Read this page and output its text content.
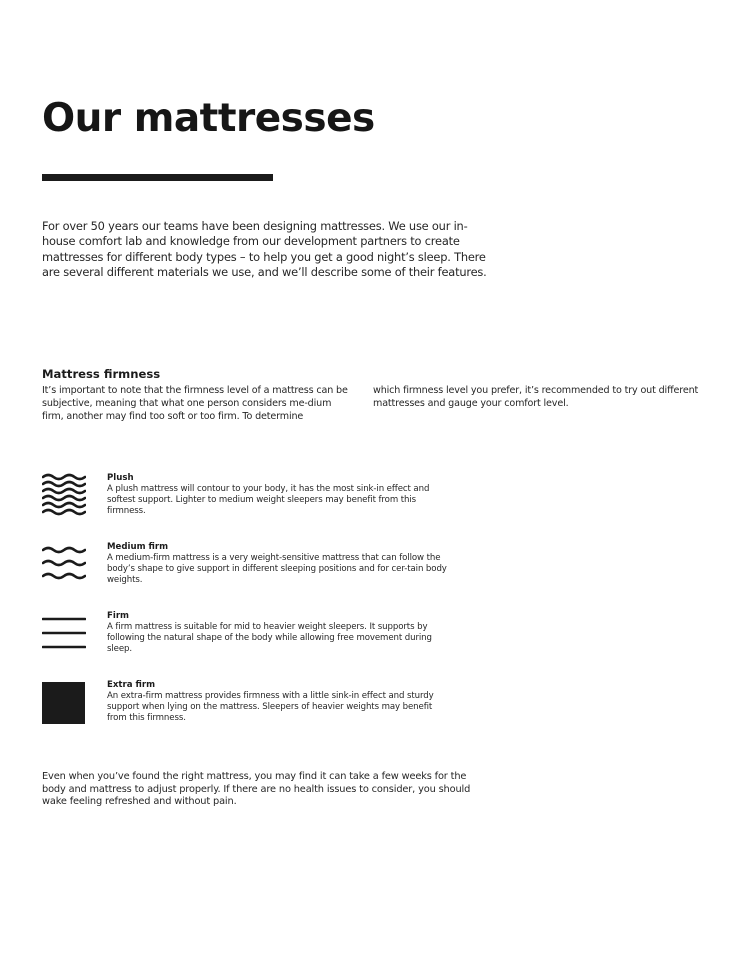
Our mattresses

For over 50 years our teams have been designing mattresses. We use our in-house comfort lab and knowledge from our development partners to create mattresses for different body types – to help you get a good night’s sleep. There are several different materials we use, and we’ll describe some of their features.

Mattress firmness

It’s important to note that the firmness level of a mattress can be subjective, meaning that what one person considers me-dium firm, another may find too soft or too firm. To determine

which firmness level you prefer, it’s recommended to try out different mattresses and gauge your comfort level.

Plush

A plush mattress will contour to your body, it has the most sink-in effect and softest support. Lighter to medium weight sleepers may benefit from this firmness.

Medium firm

A medium-firm mattress is a very weight-sensitive mattress that can follow the body’s shape to give support in different sleeping positions and for cer-tain body weights.

Firm

A firm mattress is suitable for mid to heavier weight sleepers. It supports by following the natural shape of the body while allowing free movement during sleep.

Extra firm

An extra-firm mattress provides firmness with a little sink-in effect and sturdy support when lying on the mattress. Sleepers of heavier weights may benefit from this firmness.

Even when you’ve found the right mattress, you may find it can take a few weeks for the body and mattress to adjust properly. If there are no health issues to consider, you should wake feeling refreshed and without pain.
